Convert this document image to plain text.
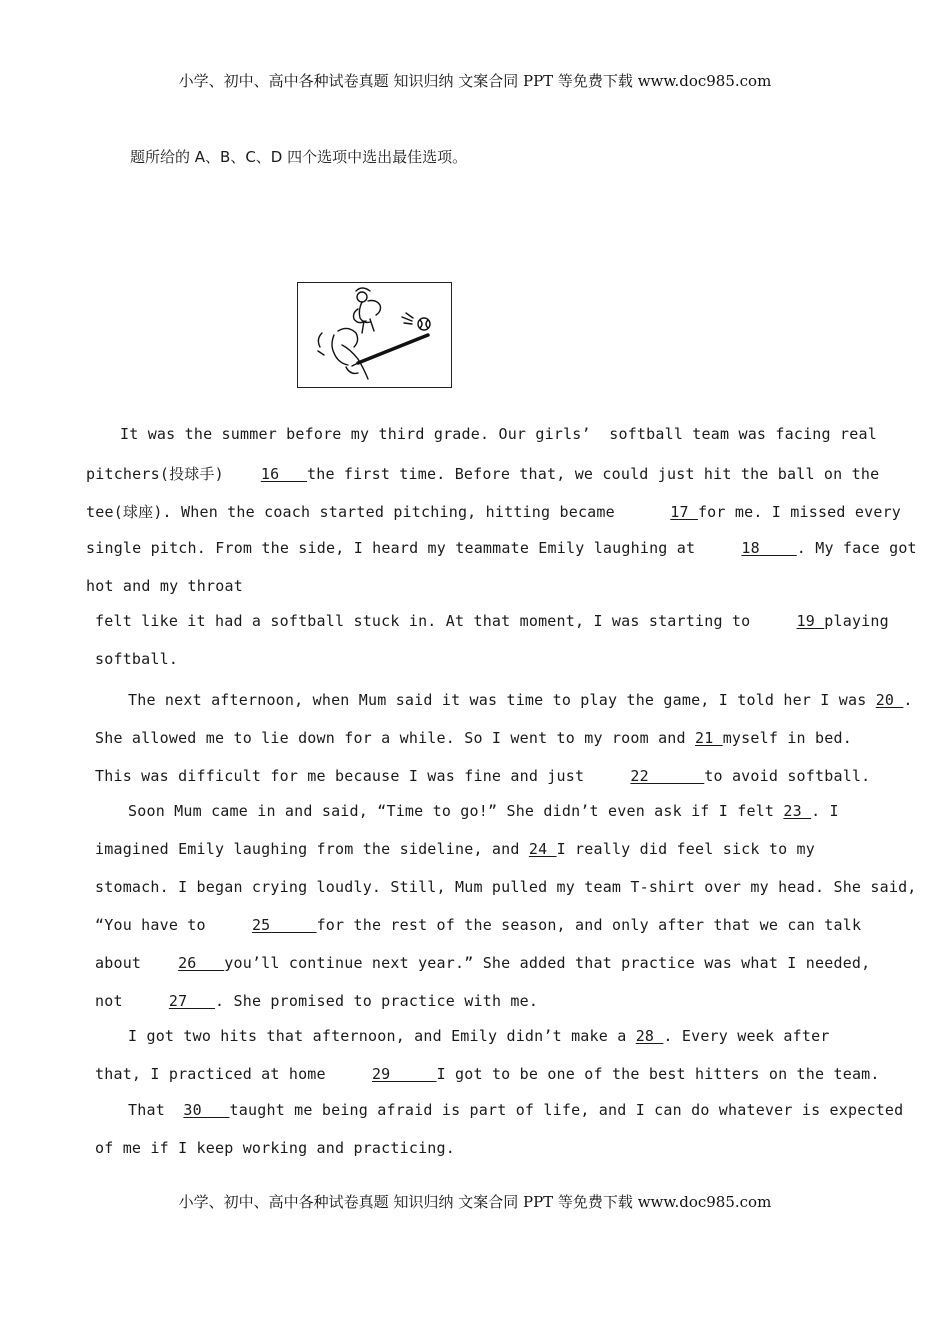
小学、初中、高中各种试卷真题 知识归纳 文案合同 PPT 等免费下载 www.doc985.com
题所给的 A、B、C、D 四个选项中选出最佳选项。
It was the summer before my third grade. Our girls’  softball team was facing real
pitchers(投球手)    16   the first time. Before that, we could just hit the ball on the
tee(球座). When the coach started pitching, hitting became      17 for me. I missed every
single pitch. From the side, I heard my teammate Emily laughing at     18    . My face got
hot and my throat
felt like it had a softball stuck in. At that moment, I was starting to     19 playing
softball.
The next afternoon, when Mum said it was time to play the game, I told her I was 20 .
She allowed me to lie down for a while. So I went to my room and 21 myself in bed.
This was difficult for me because I was fine and just     22      to avoid softball.
Soon Mum came in and said, “Time to go!” She didn’t even ask if I felt 23 . I
imagined Emily laughing from the sideline, and 24 I really did feel sick to my
stomach. I began crying loudly. Still, Mum pulled my team T-shirt over my head. She said,
“You have to     25     for the rest of the season, and only after that we can talk
about    26   you’ll continue next year.” She added that practice was what I needed,
not     27   . She promised to practice with me.
I got two hits that afternoon, and Emily didn’t make a 28 . Every week after
that, I practiced at home     29     I got to be one of the best hitters on the team.
That  30   taught me being afraid is part of life, and I can do whatever is expected
of me if I keep working and practicing.
小学、初中、高中各种试卷真题 知识归纳 文案合同 PPT 等免费下载 www.doc985.com
